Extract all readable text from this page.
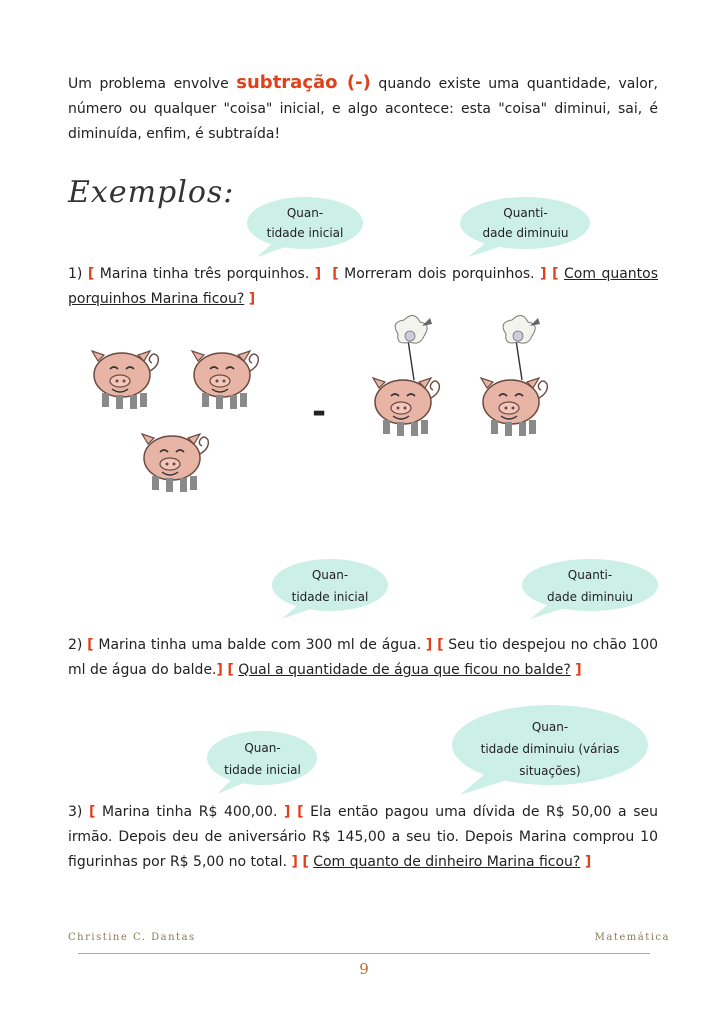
Um problema envolve subtração (-) quando existe uma quantidade, valor, número ou qualquer "coisa" inicial, e algo acontece: esta "coisa" diminui, sai, é diminuída, enfim, é subtraída!
Exemplos:
Quan-
tidade inicial
Quanti-
dade diminuiu
1) [ Marina tinha três porquinhos. ] [ Morreram dois porquinhos. ] [ Com quantos porquinhos Marina ficou? ]
-
Quan-
tidade inicial
Quanti-
dade diminuiu
2) [ Marina tinha uma balde com 300 ml de água. ] [ Seu tio despejou no chão 100 ml de água do balde.] [ Qual a quantidade de água que ficou no balde? ]
Quan-
tidade inicial
Quan-
tidade diminuiu (várias
situações)
3) [ Marina tinha R$ 400,00. ] [ Ela então pagou uma dívida de R$ 50,00 a seu irmão. Depois deu de aniversário R$ 145,00 a seu tio. Depois Marina comprou 10 figurinhas por R$ 5,00 no total. ] [ Com quanto de dinheiro Marina ficou? ]
Christine C. Dantas	Matemática
9
